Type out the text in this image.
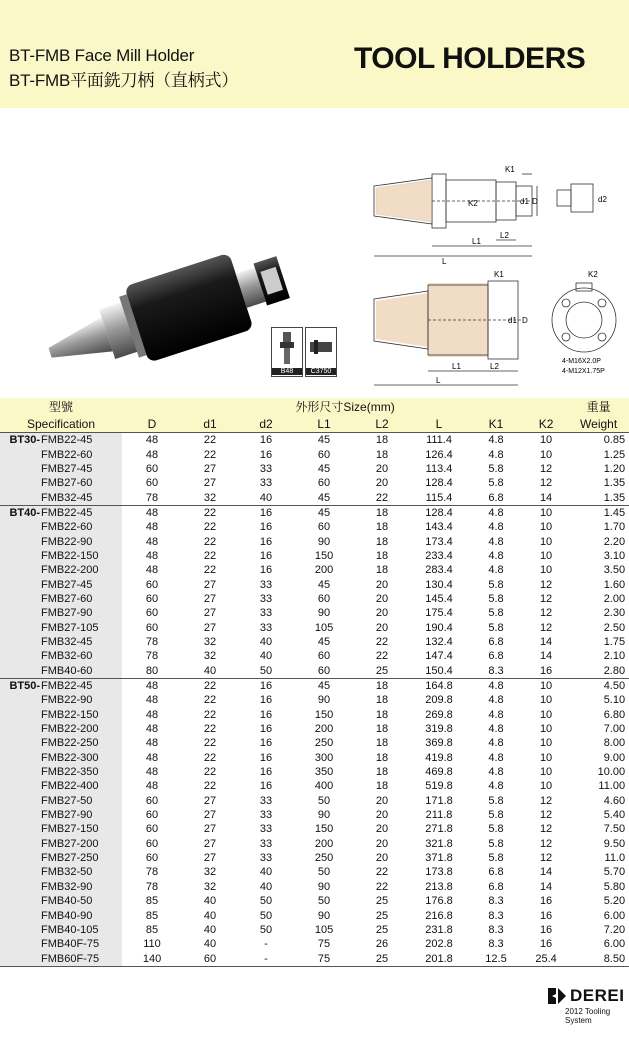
BT-FMB Face Mill Holder
BT-FMB平面銑刀柄（直柄式）
TOOL HOLDERS
B48	C3750
L1
L2
L
K1
K2	d1 D	d2
L1	L2
L
K1	K2
d1 D
4-M16X2.0P
4-M12X1.75P
型號		外形尺寸Size(mm)								重量
Specification		D	d1	d2	L1	L2	L	K1	K2	Weight
BT30-	FMB22-45	48	22	16	45	18	111.4	4.8	10	0.85
	FMB22-60	48	22	16	60	18	126.4	4.8	10	1.25
	FMB27-45	60	27	33	45	20	113.4	5.8	12	1.20
	FMB27-60	60	27	33	60	20	128.4	5.8	12	1.35
	FMB32-45	78	32	40	45	22	115.4	6.8	14	1.35
BT40-	FMB22-45	48	22	16	45	18	128.4	4.8	10	1.45
	FMB22-60	48	22	16	60	18	143.4	4.8	10	1.70
	FMB22-90	48	22	16	90	18	173.4	4.8	10	2.20
	FMB22-150	48	22	16	150	18	233.4	4.8	10	3.10
	FMB22-200	48	22	16	200	18	283.4	4.8	10	3.50
	FMB27-45	60	27	33	45	20	130.4	5.8	12	1.60
	FMB27-60	60	27	33	60	20	145.4	5.8	12	2.00
	FMB27-90	60	27	33	90	20	175.4	5.8	12	2.30
	FMB27-105	60	27	33	105	20	190.4	5.8	12	2.50
	FMB32-45	78	32	40	45	22	132.4	6.8	14	1.75
	FMB32-60	78	32	40	60	22	147.4	6.8	14	2.10
	FMB40-60	80	40	50	60	25	150.4	8.3	16	2.80
BT50-	FMB22-45	48	22	16	45	18	164.8	4.8	10	4.50
	FMB22-90	48	22	16	90	18	209.8	4.8	10	5.10
	FMB22-150	48	22	16	150	18	269.8	4.8	10	6.80
	FMB22-200	48	22	16	200	18	319.8	4.8	10	7.00
	FMB22-250	48	22	16	250	18	369.8	4.8	10	8.00
	FMB22-300	48	22	16	300	18	419.8	4.8	10	9.00
	FMB22-350	48	22	16	350	18	469.8	4.8	10	10.00
	FMB22-400	48	22	16	400	18	519.8	4.8	10	11.00
	FMB27-50	60	27	33	50	20	171.8	5.8	12	4.60
	FMB27-90	60	27	33	90	20	211.8	5.8	12	5.40
	FMB27-150	60	27	33	150	20	271.8	5.8	12	7.50
	FMB27-200	60	27	33	200	20	321.8	5.8	12	9.50
	FMB27-250	60	27	33	250	20	371.8	5.8	12	11.0
	FMB32-50	78	32	40	50	22	173.8	6.8	14	5.70
	FMB32-90	78	32	40	90	22	213.8	6.8	14	5.80
	FMB40-50	85	40	50	50	25	176.8	8.3	16	5.20
	FMB40-90	85	40	50	90	25	216.8	8.3	16	6.00
	FMB40-105	85	40	50	105	25	231.8	8.3	16	7.20
	FMB40F-75	110	40	-	75	26	202.8	8.3	16	6.00
	FMB60F-75	140	60	-	75	25	201.8	12.5	25.4	8.50
DEREI
2012 Tooling System
